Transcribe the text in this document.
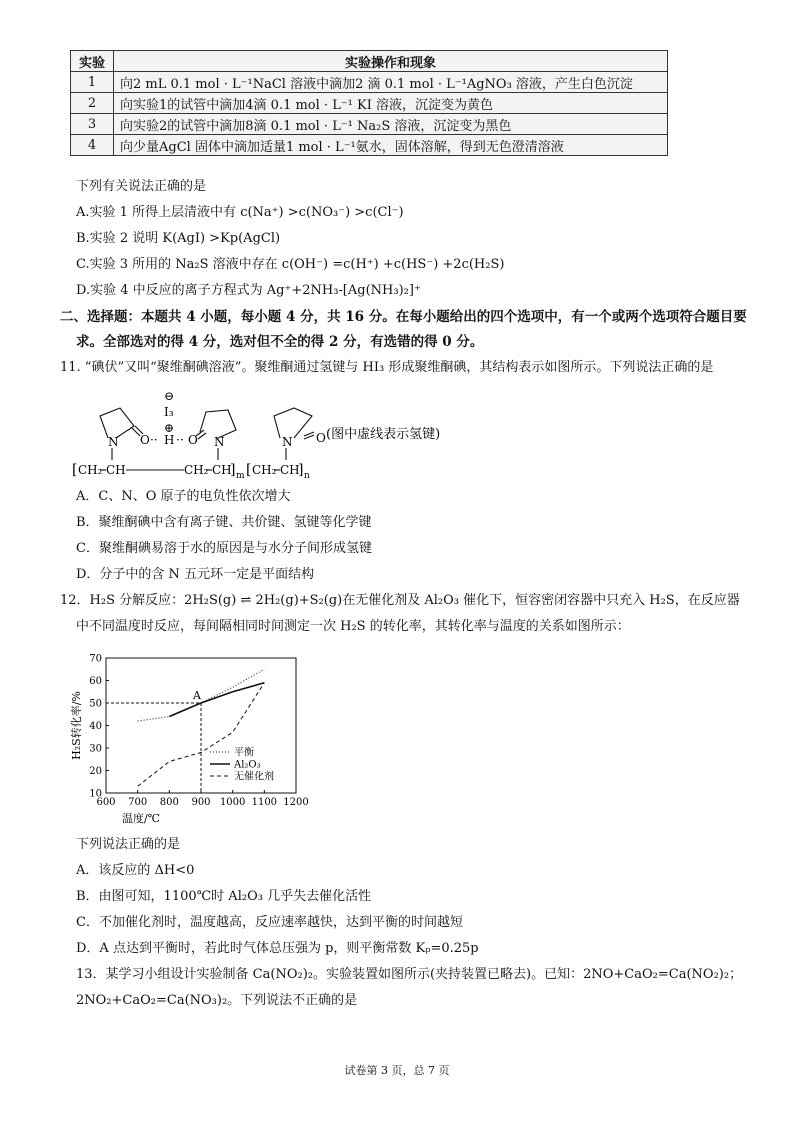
实验	实验操作和现象
1	向2 mL 0.1 mol · L⁻¹NaCl 溶液中滴加2 滴 0.1 mol · L⁻¹AgNO₃ 溶液，产生白色沉淀
2	向实验1的试管中滴加4滴 0.1 mol · L⁻¹ KI 溶液，沉淀变为黄色
3	向实验2的试管中滴加8滴 0.1 mol · L⁻¹ Na₂S 溶液，沉淀变为黑色
4	向少量AgCl 固体中滴加适量1 mol · L⁻¹氨水，固体溶解，得到无色澄清溶液
下列有关说法正确的是
A.实验 1 所得上层清液中有 c(Na⁺) >c(NO₃⁻) >c(Cl⁻)
B.实验 2 说明 K(AgI) >Kp(AgCl)
C.实验 3 所用的 Na₂S 溶液中存在 c(OH⁻) =c(H⁺) +c(HS⁻) +2c(H₂S)
D.实验 4 中反应的离子方程式为 Ag⁺+2NH₃-[Ag(NH₃)₂]⁺
二、选择题：本题共 4 小题，每小题 4 分，共 16 分。在每小题给出的四个选项中，有一个或两个选项符合题目要
求。全部选对的得 4 分，选对但不全的得 2 分，有选错的得 0 分。
11. “碘伏”又叫“聚维酮碘溶液”。聚维酮通过氢键与 HI₃ 形成聚维酮碘，其结构表示如图所示。下列说法正确的是
⊖
I₃
⊕
N O ·· H ·· O N	N O
[ CH₂ CH	CH₂ CH
] m [ CH₂ CH
] n
(图中虚线表示氢键)
A．C、N、O 原子的电负性依次增大
B．聚维酮碘中含有离子键、共价键、氢键等化学键
C．聚维酮碘易溶于水的原因是与水分子间形成氢键
D．分子中的含 N 五元环一定是平面结构
12．H₂S 分解反应：2H₂S(g) ⇌ 2H₂(g)+S₂(g)在无催化剂及 Al₂O₃ 催化下，恒容密闭容器中只充入 H₂S，在反应器
中不同温度时反应，每间隔相同时间测定一次 H₂S 的转化率，其转化率与温度的关系如图所示：
600 700 800 900 1000 1100 1200
10
20
30
40
50
60
70
平衡
Al₂O₃
无催化剂
温度/℃
H₂S转化率/%	A
下列说法正确的是
A．该反应的 ΔH<0
B．由图可知，1100℃时 Al₂O₃ 几乎失去催化活性
C．不加催化剂时，温度越高，反应速率越快，达到平衡的时间越短
D．A 点达到平衡时，若此时气体总压强为 p，则平衡常数 Kₚ=0.25p
13．某学习小组设计实验制备 Ca(NO₂)₂。实验装置如图所示(夹持装置已略去)。已知：2NO+CaO₂=Ca(NO₂)₂；
2NO₂+CaO₂=Ca(NO₃)₂。下列说法不正确的是
试卷第 3 页，总 7 页
